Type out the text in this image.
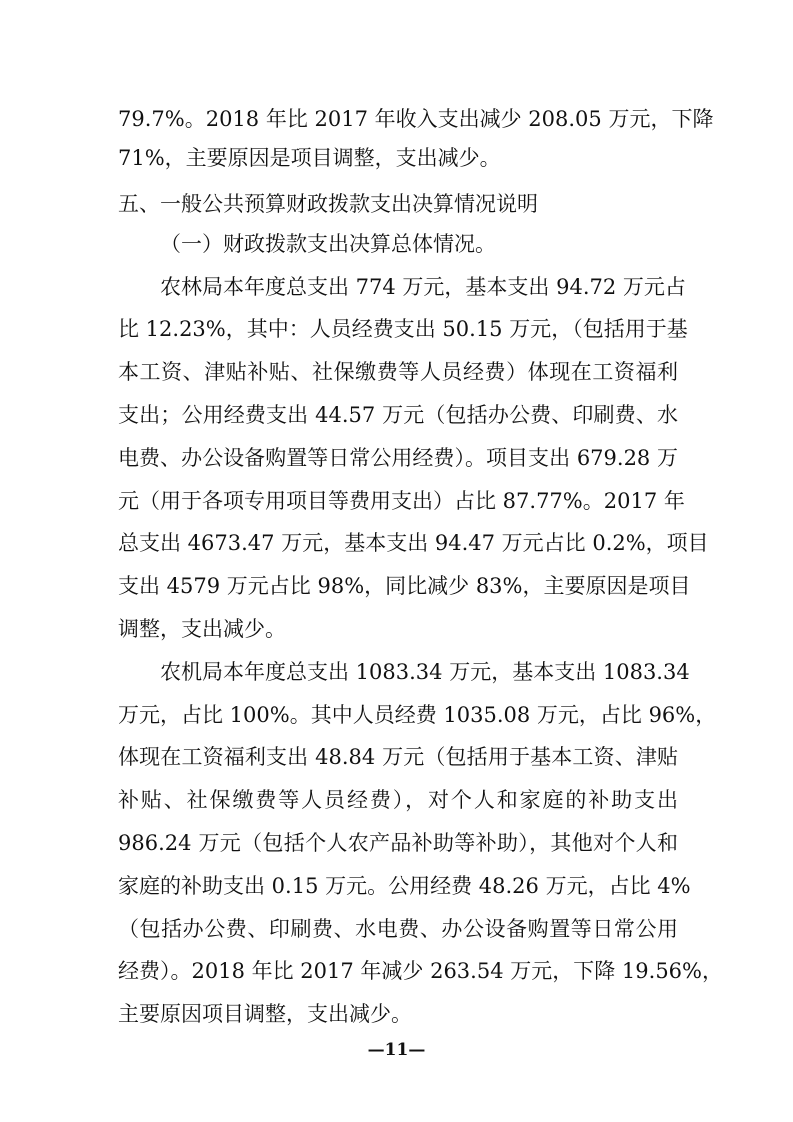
79.7%。2018 年比 2017 年收入支出减少 208.05 万元，下降
71%，主要原因是项目调整，支出减少。
五、一般公共预算财政拨款支出决算情况说明
（一）财政拨款支出决算总体情况。
农林局本年度总支出 774 万元，基本支出 94.72 万元占
比 12.23%，其中：人员经费支出 50.15 万元，（包括用于基
本工资、津贴补贴、社保缴费等人员经费）体现在工资福利
支出；公用经费支出 44.57 万元（包括办公费、印刷费、水
电费、办公设备购置等日常公用经费）。项目支出 679.28 万
元（用于各项专用项目等费用支出）占比 87.77%。2017 年
总支出 4673.47 万元，基本支出 94.47 万元占比 0.2%，项目
支出 4579 万元占比 98%，同比减少 83%，主要原因是项目
调整，支出减少。
农机局本年度总支出 1083.34 万元，基本支出 1083.34
万元，占比 100%。其中人员经费 1035.08 万元，占比 96%，
体现在工资福利支出 48.84 万元（包括用于基本工资、津贴
补贴、社保缴费等人员经费），对个人和家庭的补助支出
986.24 万元（包括个人农产品补助等补助），其他对个人和
家庭的补助支出 0.15 万元。公用经费 48.26 万元，占比 4%
（包括办公费、印刷费、水电费、办公设备购置等日常公用
经费）。2018 年比 2017 年减少 263.54 万元，下降 19.56%，
主要原因项目调整，支出减少。
—11—
